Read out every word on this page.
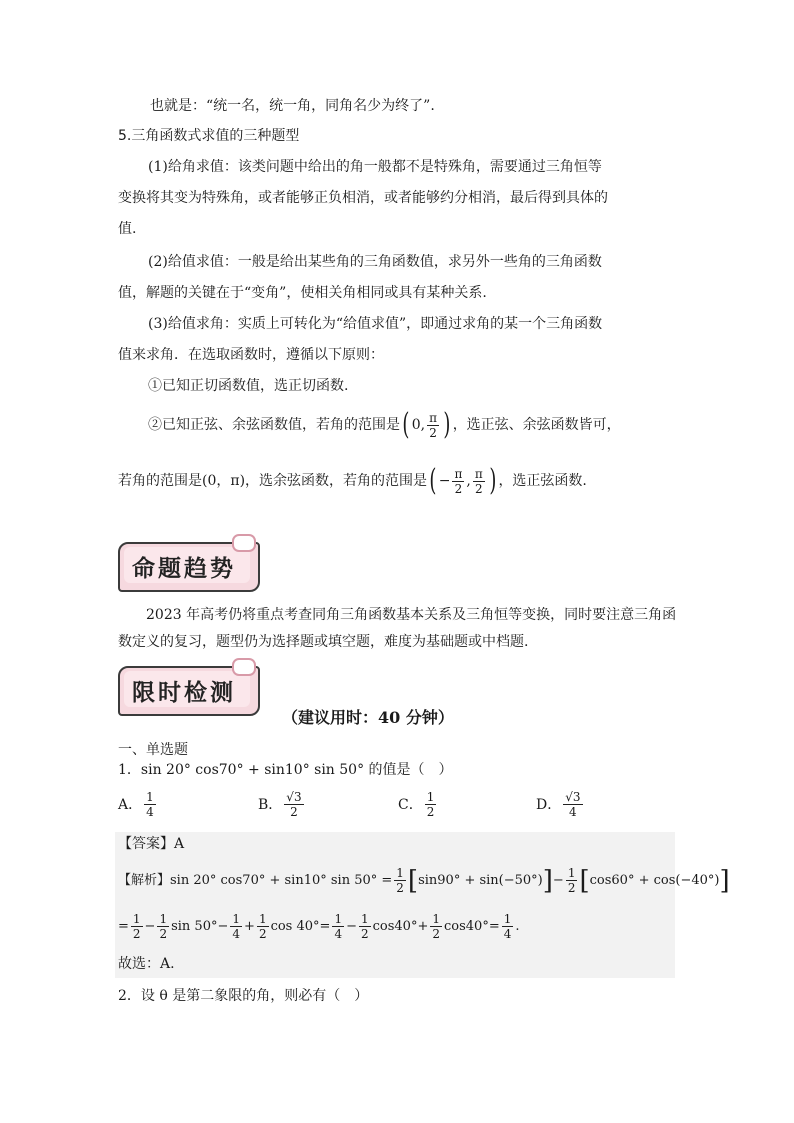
也就是：“统一名，统一角，同角名少为终了”.
5.三角函数式求值的三种题型
(1)给角求值：该类问题中给出的角一般都不是特殊角，需要通过三角恒等
变换将其变为特殊角，或者能够正负相消，或者能够约分相消，最后得到具体的
值.
(2)给值求值：一般是给出某些角的三角函数值，求另外一些角的三角函数
值，解题的关键在于“变角”，使相关角相同或具有某种关系.
(3)给值求角：实质上可转化为“给值求值”，即通过求角的某一个三角函数
值来求角．在选取函数时，遵循以下原则：
①已知正切函数值，选正切函数.
②已知正弦、余弦函数值，若角的范围是 ( 0, $\frac{\pi}{2}$ ) ，选正弦、余弦函数皆可，
若角的范围是(0，π)，选余弦函数，若角的范围是 ( − $\frac{\pi}{2}$ , $\frac{\pi}{2}$ ) ，选正弦函数.
命题趋势
2023 年高考仍将重点考查同角三角函数基本关系及三角恒等变换，同时要注意三角函
数定义的复习，题型仍为选择题或填空题，难度为基础题或中档题.
限时检测
（建议用时：40 分钟）
一、单选题
1．sin 20° cos70° + sin10° sin 50° 的值是（　）
A． $\frac{1}{4}$	B． $\frac{√3}{2}$	C． $\frac{1}{2}$	D． $\frac{√3}{4}$
【答案】A
【解析】 sin 20° cos70° + sin10° $\sin 50^\circ = \frac{1}{2}$ [ sin90° + sin(−50°) ] − $\frac{1}{2}$ [ cos60° + cos(−40°) ]
= $\frac{1}{2} - \frac{1}{2}$ $\sin 50^\circ - \frac{1}{4} + \frac{1}{2}$ $\cos 40^\circ = \frac{1}{4} - \frac{1}{2} \cos 40^\circ + \frac{1}{2} \cos 40^\circ = \frac{1}{4}$ .
故选：A.
2．设 θ 是第二象限的角，则必有（　）
